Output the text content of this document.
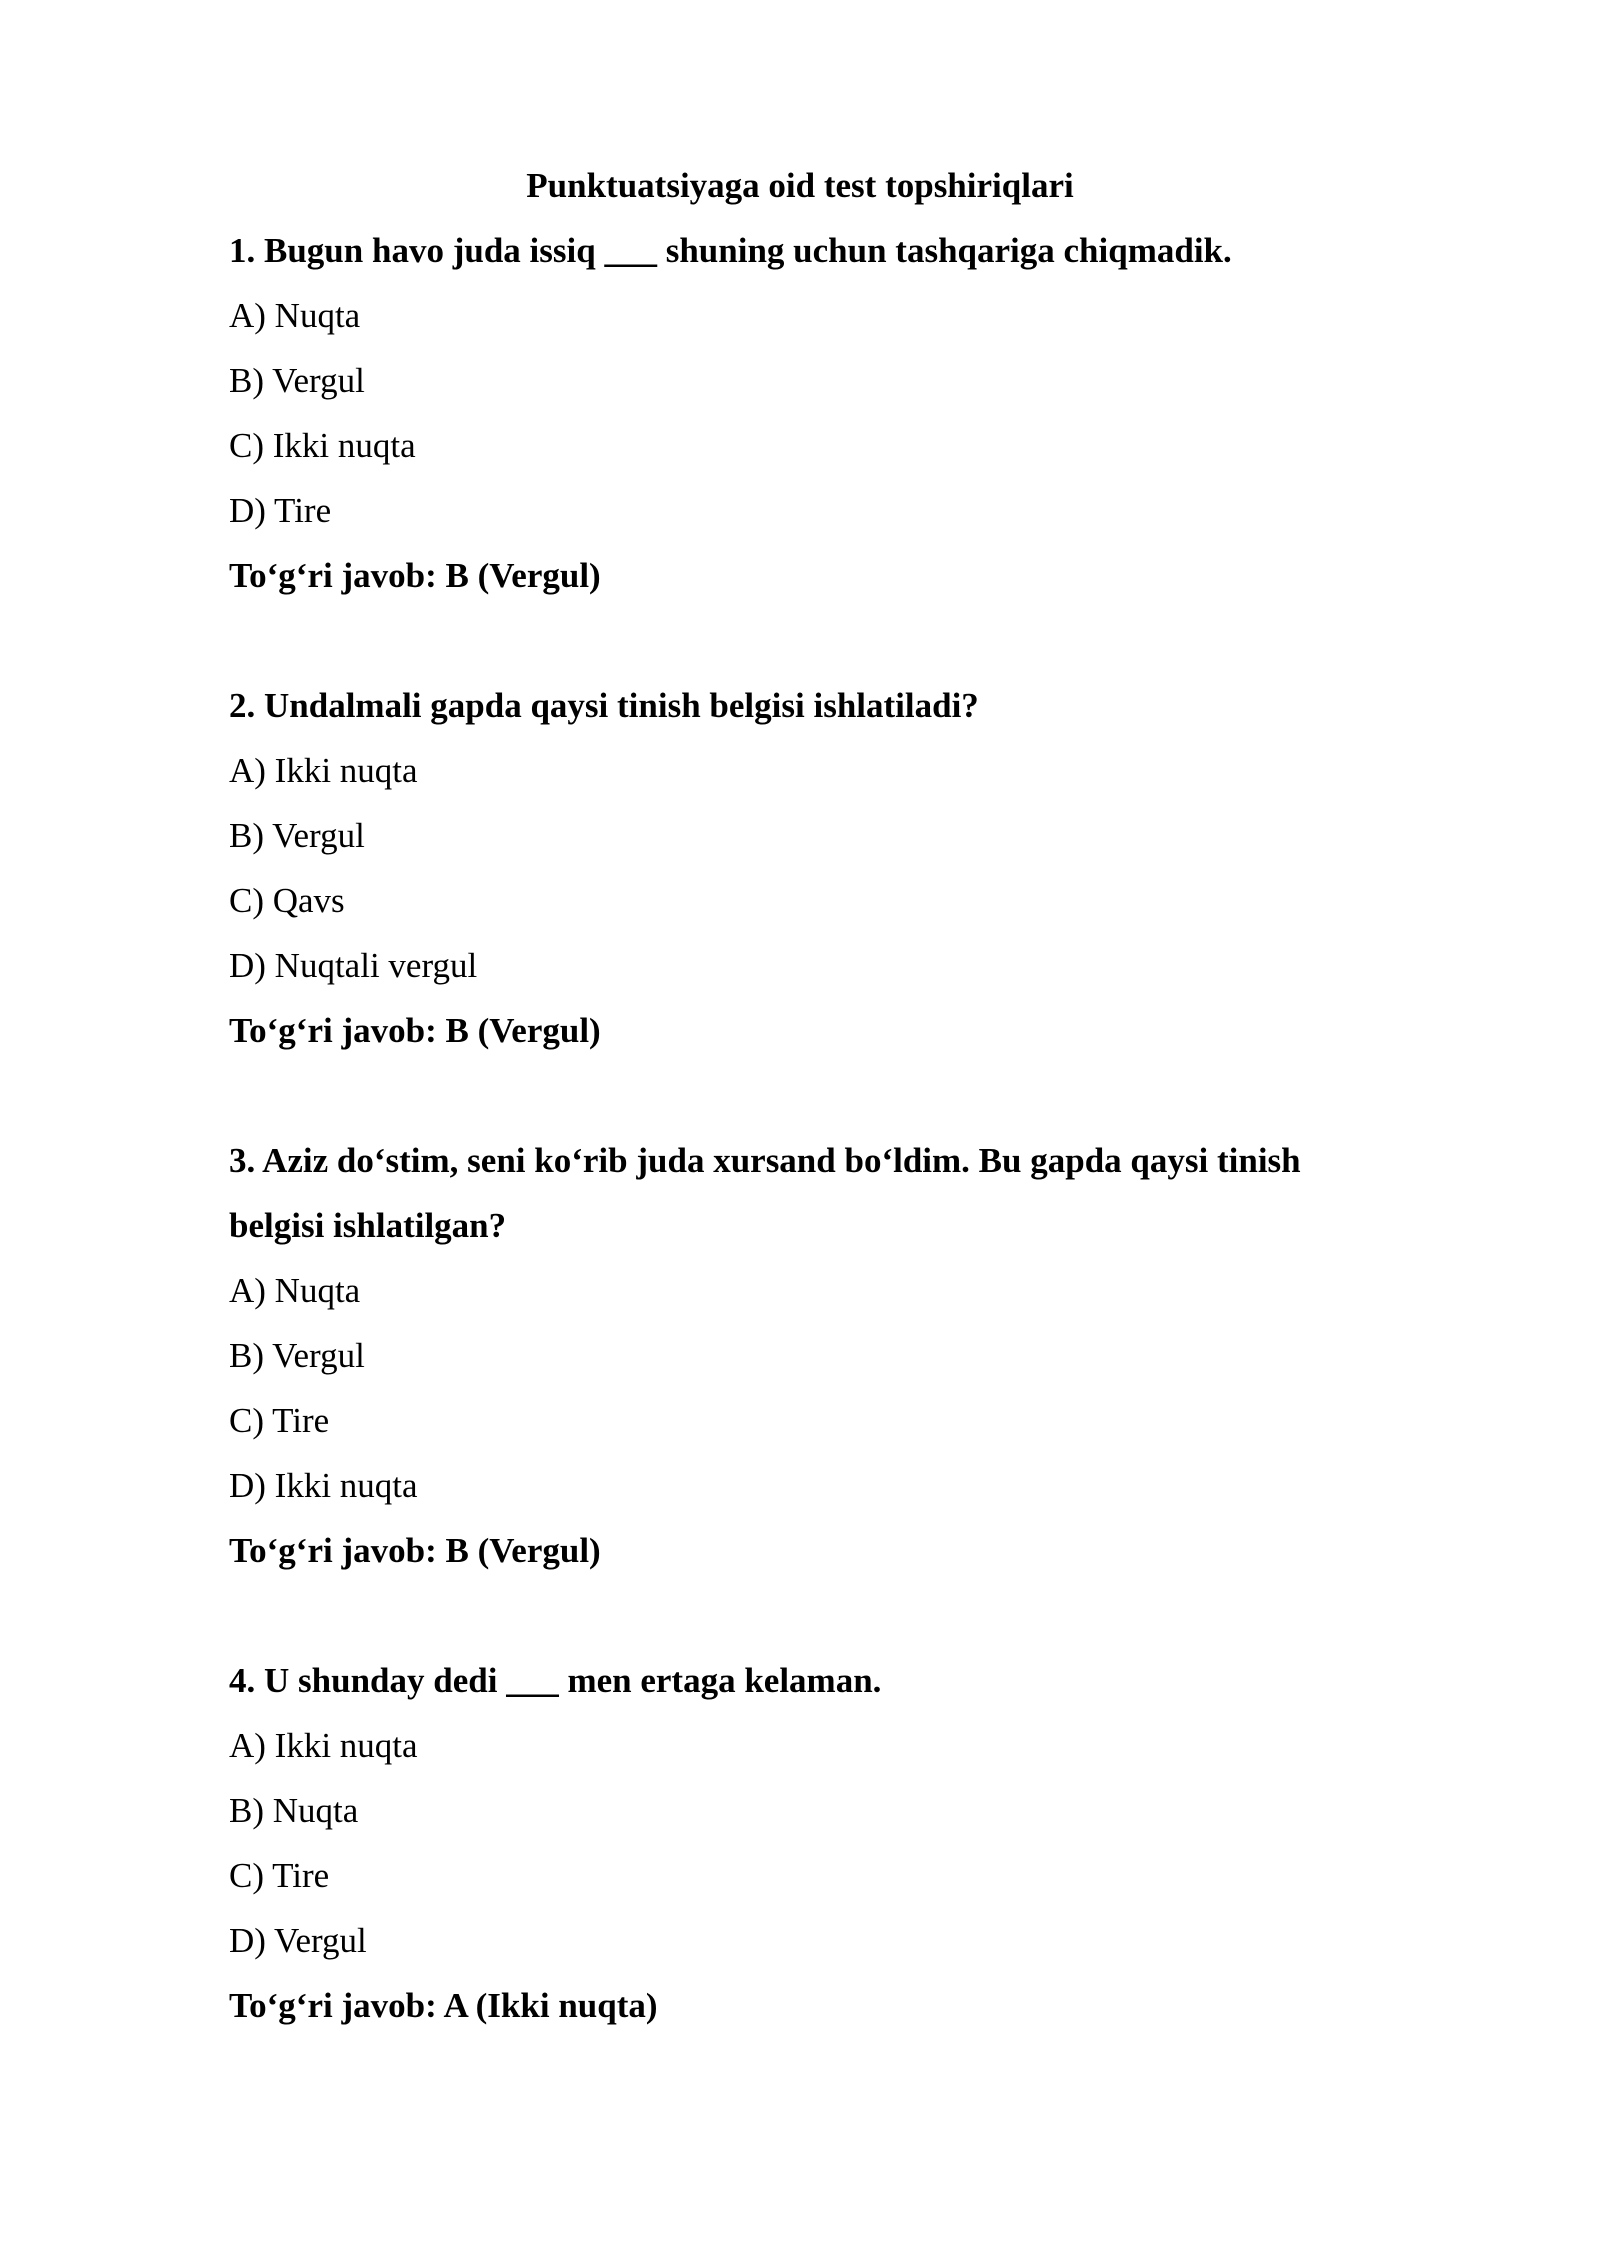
Punktuatsiyaga oid test topshiriqlari

1. Bugun havo juda issiq ___ shuning uchun tashqariga chiqmadik.

A) Nuqta
B) Vergul
C) Ikki nuqta
D) Tire

To‘g‘ri javob: B (Vergul)

2. Undalmali gapda qaysi tinish belgisi ishlatiladi?

A) Ikki nuqta
B) Vergul
C) Qavs
D) Nuqtali vergul

To‘g‘ri javob: B (Vergul)

3. Aziz do‘stim, seni ko‘rib juda xursand bo‘ldim. Bu gapda qaysi tinish belgisi ishlatilgan?

A) Nuqta
B) Vergul
C) Tire
D) Ikki nuqta

To‘g‘ri javob: B (Vergul)

4. U shunday dedi ___ men ertaga kelaman.

A) Ikki nuqta
B) Nuqta
C) Tire
D) Vergul

To‘g‘ri javob: A (Ikki nuqta)
